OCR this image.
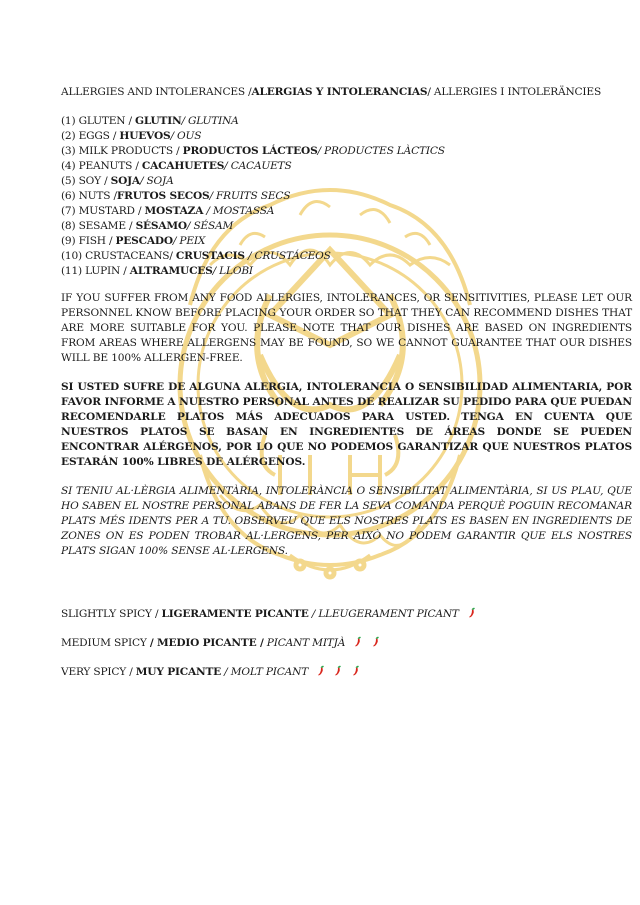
ALLERGIES AND INTOLERANCES /ALERGIAS Y INTOLERANCIAS/ ALLERGIES I INTOLERÄNCIES

(1) GLUTEN / GLUTIN/ GLUTINA
(2) EGGS / HUEVOS/ OUS
(3) MILK PRODUCTS / PRODUCTOS LÁCTEOS/ PRODUCTES LÀCTICS
(4) PEANUTS / CACAHUETES/ CACAUETS
(5) SOY / SOJA/ SOJA
(6) NUTS /FRUTOS SECOS/ FRUITS SECS
(7) MUSTARD / MOSTAZA / MOSTASSA
(8) SESAME / SÉSAMO/ SÉSAM
(9) FISH / PESCADO/ PEIX
(10) CRUSTACEANS/ CRUSTACIS / CRUSTÁCEOS
(11) LUPIN / ALTRAMUCES/ LLOBI

IF YOU SUFFER FROM ANY FOOD ALLERGIES, INTOLERANCES, OR SENSITIVITIES, PLEASE LET OUR PERSONNEL KNOW BEFORE PLACING YOUR ORDER SO THAT THEY CAN RECOMMEND DISHES THAT ARE MORE SUITABLE FOR YOU. PLEASE NOTE THAT OUR DISHES ARE BASED ON INGREDIENTS FROM AREAS WHERE ALLERGENS MAY BE FOUND, SO WE CANNOT GUARANTEE THAT OUR DISHES WILL BE 100% ALLERGEN-FREE.

SI USTED SUFRE DE ALGUNA ALERGIA, INTOLERANCIA O SENSIBILIDAD ALIMENTARIA, POR FAVOR INFORME A NUESTRO PERSONAL ANTES DE REALIZAR SU PEDIDO PARA QUE PUEDAN RECOMENDARLE PLATOS MÁS ADECUADOS PARA USTED. TENGA EN CUENTA QUE NUESTROS PLATOS SE BASAN EN INGREDIENTES DE ÁREAS DONDE SE PUEDEN ENCONTRAR ALÉRGENOS, POR LO QUE NO PODEMOS GARANTIZAR QUE NUESTROS PLATOS ESTARÁN 100% LIBRES DE ALÉRGENOS.

SI TENIU AL·LÈRGIA ALIMENTÀRIA, INTOLERÀNCIA O SENSIBILITAT ALIMENTÀRIA, SI US PLAU, QUE HO SABEN EL NOSTRE PERSONAL ABANS DE FER LA SEVA COMANDA PERQUÈ POGUIN RECOMANAR PLATS MÉS IDENTS PER A TU. OBSERVEU QUE ELS NOSTRES PLATS ES BASEN EN INGREDIENTS DE ZONES ON ES PODEN TROBAR AL·LERGENS, PER AIXÒ NO PODEM GARANTIR QUE ELS NOSTRES PLATS SIGAN 100% SENSE AL·LERGENS.

SLIGHTLY SPICY / LIGERAMENTE PICANTE / LLEUGERAMENT PICANT
MEDIUM SPICY / MEDIO PICANTE / PICANT MITJÀ
VERY SPICY / MUY PICANTE / MOLT PICANT
